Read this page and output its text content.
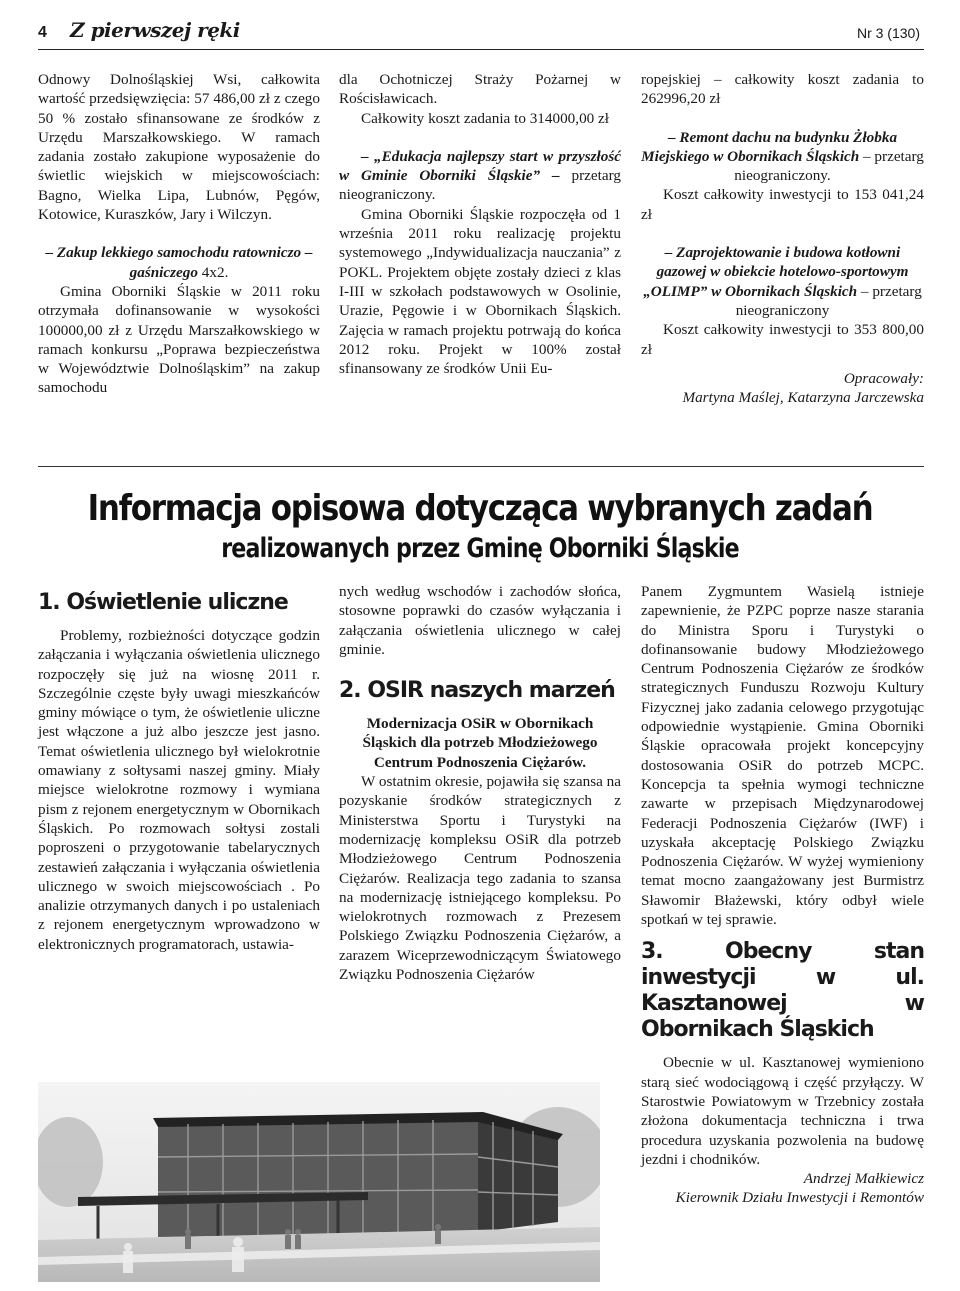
4 Z pierwszej ręki	Nr 3 (130)

Odnowy Dolnośląskiej Wsi, całkowita wartość przedsięwzięcia: 57 486,00 zł z czego 50 % zostało sfinansowane ze środków z Urzędu Marszałkowskiego. W ramach zadania zostało zakupione wyposażenie do świetlic wiejskich w miejscowościach: Bagno, Wielka Lipa, Lubnów, Pęgów, Kotowice, Kuraszków, Jary i Wilczyn.

– Zakup lekkiego samochodu ratowniczo – gaśniczego 4x2.

Gmina Oborniki Śląskie w 2011 roku otrzymała dofinansowanie w wysokości 100000,00 zł z Urzędu Marszałkowskiego w ramach konkursu „Poprawa bezpieczeństwa w Województwie Dolnośląskim” na zakup samochodu

dla Ochotniczej Straży Pożarnej w Rościsławicach.

Całkowity koszt zadania to 314000,00 zł

– „Edukacja najlepszy start w przyszłość w Gminie Oborniki Śląskie” – przetarg nieograniczony.

Gmina Oborniki Śląskie rozpoczęła od 1 września 2011 roku realizację projektu systemowego „Indywidualizacja nauczania” z POKL. Projektem objęte zostały dzieci z klas I-III w szkołach podstawowych w Osolinie, Urazie, Pęgowie i w Obornikach Śląskich. Zajęcia w ramach projektu potrwają do końca 2012 roku. Projekt w 100% został sfinansowany ze środków Unii Eu-

ropejskiej – całkowity koszt zadania to 262996,20 zł

– Remont dachu na budynku Żłobka Miejskiego w Obornikach Śląskich – przetarg nieograniczony.

Koszt całkowity inwestycji to 153 041,24 zł

– Zaprojektowanie i budowa kotłowni gazowej w obiekcie hotelowo-sportowym „OLIMP” w Obornikach Śląskich – przetarg nieograniczony

Koszt całkowity inwestycji to 353 800,00 zł

Opracowały:

Martyna Maślej, Katarzyna Jarczewska

Informacja opisowa dotycząca wybranych zadań
realizowanych przez Gminę Oborniki Śląskie

1. Oświetlenie uliczne

Problemy, rozbieżności dotyczące godzin załączania i wyłączania oświetlenia ulicznego rozpoczęły się już na wiosnę 2011 r. Szczególnie częste były uwagi mieszkańców gminy mówiące o tym, że oświetlenie uliczne jest włączone a już albo jeszcze jest jasno. Temat oświetlenia ulicznego był wielokrotnie omawiany z sołtysami naszej gminy. Miały miejsce wielokrotne rozmowy i wymiana pism z rejonem energetycznym w Obornikach Śląskich. Po rozmowach sołtysi zostali poproszeni o przygotowanie tabelarycznych zestawień załączania i wyłączania oświetlenia ulicznego w swoich miejscowościach . Po analizie otrzymanych danych i po ustaleniach z rejonem energetycznym wprowadzono w elektronicznych programatorach, ustawia-

nych według wschodów i zachodów słońca, stosowne poprawki do czasów wyłączania i załączania oświetlenia ulicznego w całej gminie.

2. OSIR naszych marzeń

Modernizacja OSiR w Obornikach Śląskich dla potrzeb Młodzieżowego Centrum Podnoszenia Ciężarów.

W ostatnim okresie, pojawiła się szansa na pozyskanie środków strategicznych z Ministerstwa Sportu i Turystyki na modernizację kompleksu OSiR dla potrzeb Młodzieżowego Centrum Podnoszenia Ciężarów. Realizacja tego zadania to szansa na modernizację istniejącego kompleksu. Po wielokrotnych rozmowach z Prezesem Polskiego Związku Podnoszenia Ciężarów, a zarazem Wiceprzewodniczącym Światowego Związku Podnoszenia Ciężarów

Panem Zygmuntem Wasielą istnieje zapewnienie, że PZPC poprze nasze starania do Ministra Sporu i Turystyki o dofinansowanie budowy Młodzieżowego Centrum Podnoszenia Ciężarów ze środków strategicznych Funduszu Rozwoju Kultury Fizycznej jako zadania celowego przygotując odpowiednie wystąpienie. Gmina Oborniki Śląskie opracowała projekt koncepcyjny dostosowania OSiR do potrzeb MCPC. Koncepcja ta spełnia wymogi techniczne zawarte w przepisach Międzynarodowej Federacji Podnoszenia Ciężarów (IWF) i uzyskała akceptację Polskiego Związku Podnoszenia Ciężarów. W wyżej wymieniony temat mocno zaangażowany jest Burmistrz Sławomir Błażewski, który odbył wiele spotkań w tej sprawie.

3. Obecny stan inwestycji w ul. Kasztanowej w Obornikach Śląskich

Obecnie w ul. Kasztanowej wymieniono starą sieć wodociągową i część przyłączy. W Starostwie Powiatowym w Trzebnicy została złożona dokumentacja techniczna i trwa procedura uzyskania pozwolenia na budowę jezdni i chodników.

Andrzej Małkiewicz

Kierownik Działu Inwestycji i Remontów
